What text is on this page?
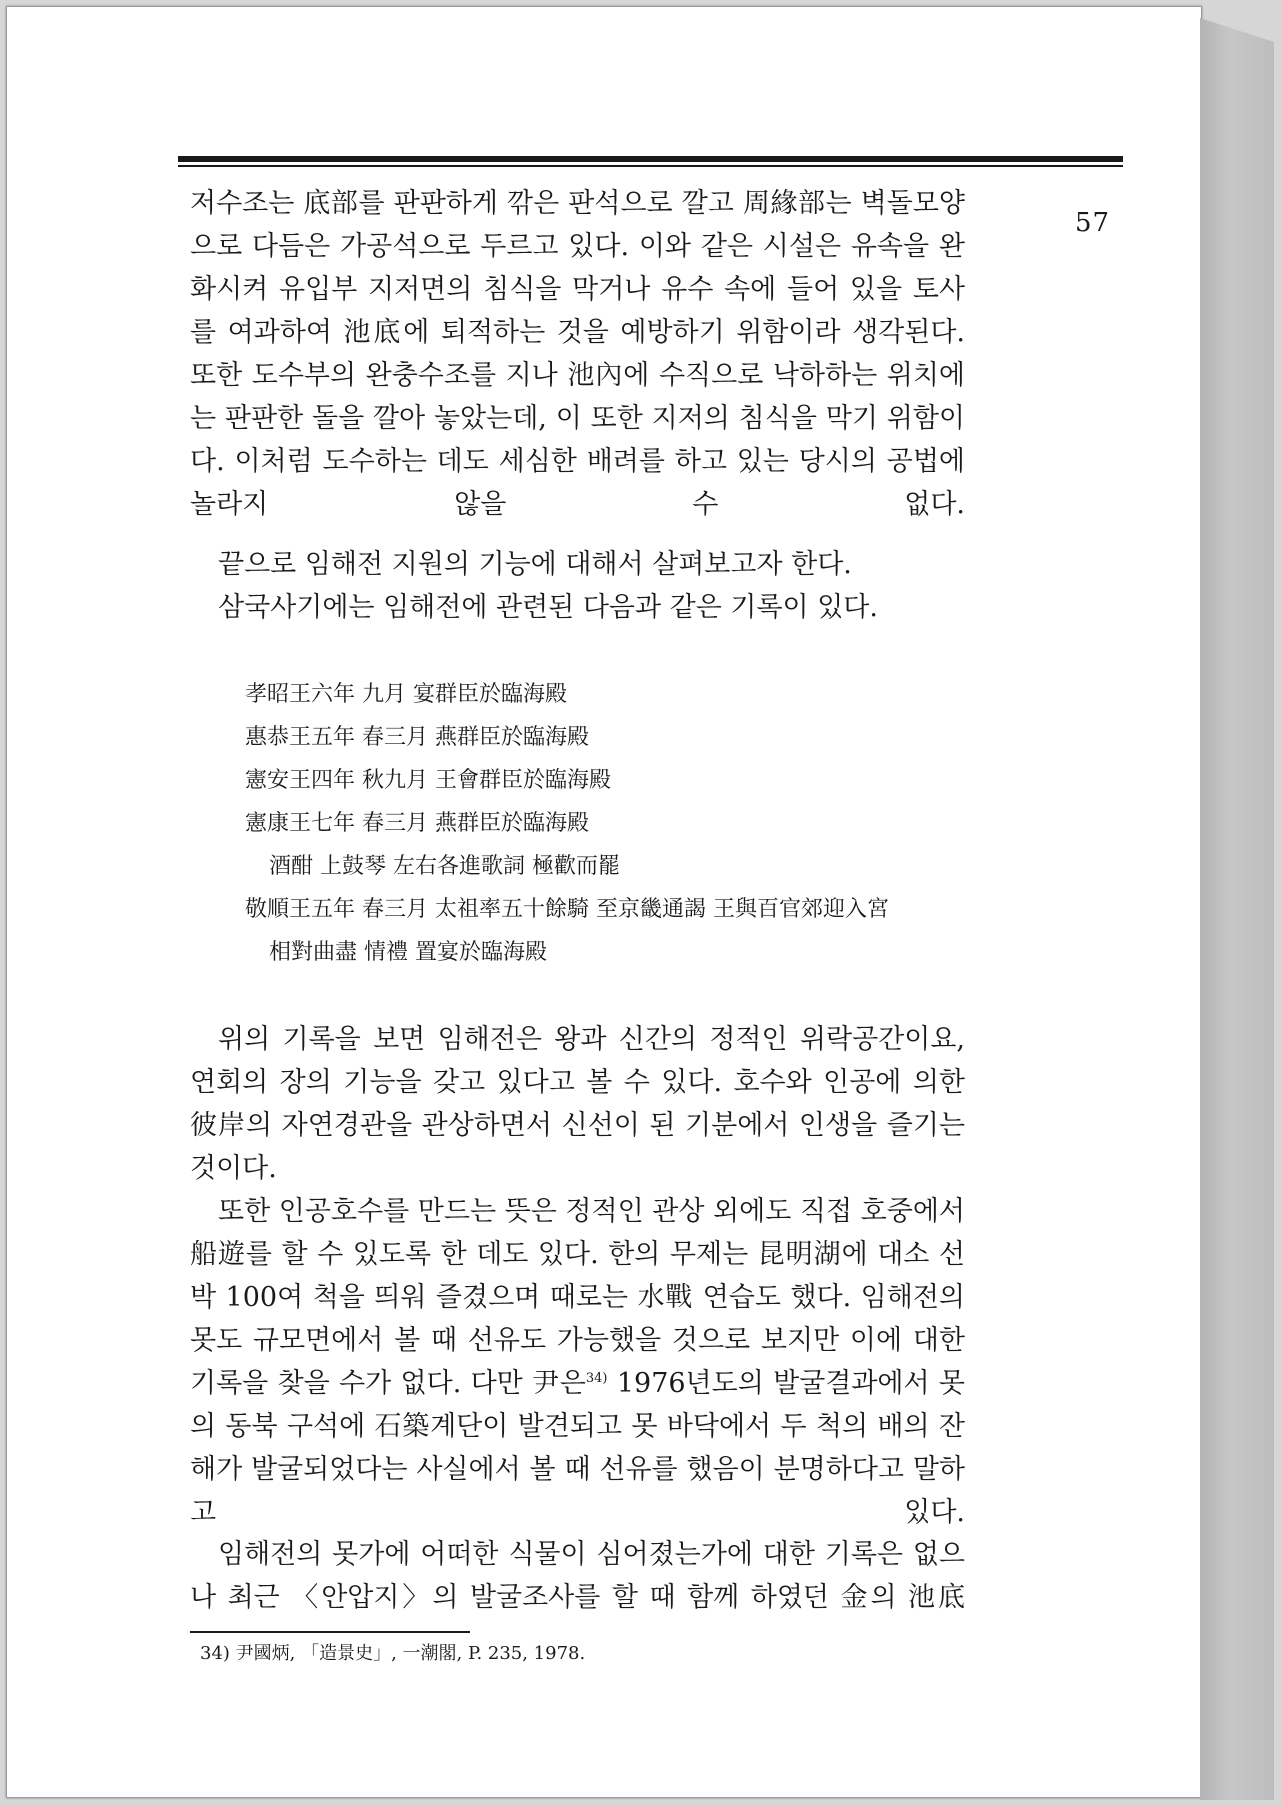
57

저수조는 底部를 판판하게 깎은 판석으로 깔고 周緣部는 벽돌모양으로 다듬은 가공석으로 두르고 있다. 이와 같은 시설은 유속을 완화시켜 유입부 지저면의 침식을 막거나 유수 속에 들어 있을 토사를 여과하여 池底에 퇴적하는 것을 예방하기 위함이라 생각된다. 또한 도수부의 완충수조를 지나 池內에 수직으로 낙하하는 위치에는 판판한 돌을 깔아 놓았는데, 이 또한 지저의 침식을 막기 위함이다. 이처럼 도수하는 데도 세심한 배려를 하고 있는 당시의 공법에 놀라지 않을 수 없다.

끝으로 임해전 지원의 기능에 대해서 살펴보고자 한다.

삼국사기에는 임해전에 관련된 다음과 같은 기록이 있다.

孝昭王六年 九月 宴群臣於臨海殿
惠恭王五年 春三月 燕群臣於臨海殿
憲安王四年 秋九月 王會群臣於臨海殿
憲康王七年 春三月 燕群臣於臨海殿
酒酣 上鼓琴 左右各進歌詞 極歡而罷
敬順王五年 春三月 太祖率五十餘騎 至京畿通謁 王與百官郊迎入宮
相對曲盡 情禮 置宴於臨海殿

위의 기록을 보면 임해전은 왕과 신간의 정적인 위락공간이요, 연회의 장의 기능을 갖고 있다고 볼 수 있다. 호수와 인공에 의한 彼岸의 자연경관을 관상하면서 신선이 된 기분에서 인생을 즐기는 것이다.

또한 인공호수를 만드는 뜻은 정적인 관상 외에도 직접 호중에서 船遊를 할 수 있도록 한 데도 있다. 한의 무제는 昆明湖에 대소 선박 100여 척을 띄워 즐겼으며 때로는 水戰 연습도 했다. 임해전의 못도 규모면에서 볼 때 선유도 가능했을 것으로 보지만 이에 대한 기록을 찾을 수가 없다. 다만 尹은$^{34)}$ 1976년도의 발굴결과에서 못의 동북 구석에 石築계단이 발견되고 못 바닥에서 두 척의 배의 잔해가 발굴되었다는 사실에서 볼 때 선유를 했음이 분명하다고 말하고 있다.

임해전의 못가에 어떠한 식물이 심어졌는가에 대한 기록은 없으나 최근 〈안압지〉의 발굴조사를 할 때 함께 하였던 金의 池底

34) 尹國炳, 「造景史」, 一潮閣, P. 235, 1978.
